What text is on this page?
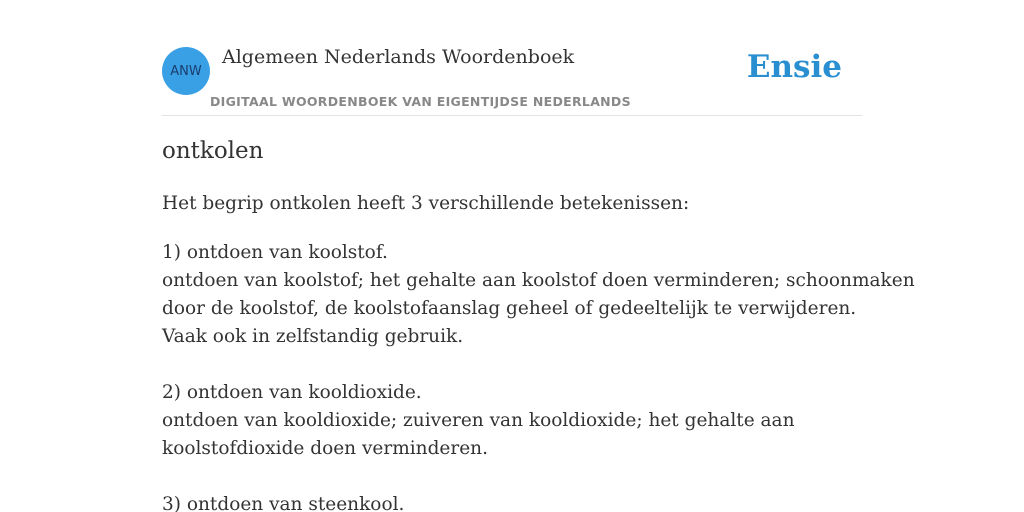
ANW
Algemeen Nederlands Woordenboek
DIGITAAL WOORDENBOEK VAN EIGENTIJDSE NEDERLANDS
Ensie
ontkolen
Het begrip ontkolen heeft 3 verschillende betekenissen:
1) ontdoen van koolstof.
ontdoen van koolstof; het gehalte aan koolstof doen verminderen; schoonmaken
door de koolstof, de koolstofaanslag geheel of gedeeltelijk te verwijderen.
Vaak ook in zelfstandig gebruik.
2) ontdoen van kooldioxide.
ontdoen van kooldioxide; zuiveren van kooldioxide; het gehalte aan
koolstofdioxide doen verminderen.
3) ontdoen van steenkool.
